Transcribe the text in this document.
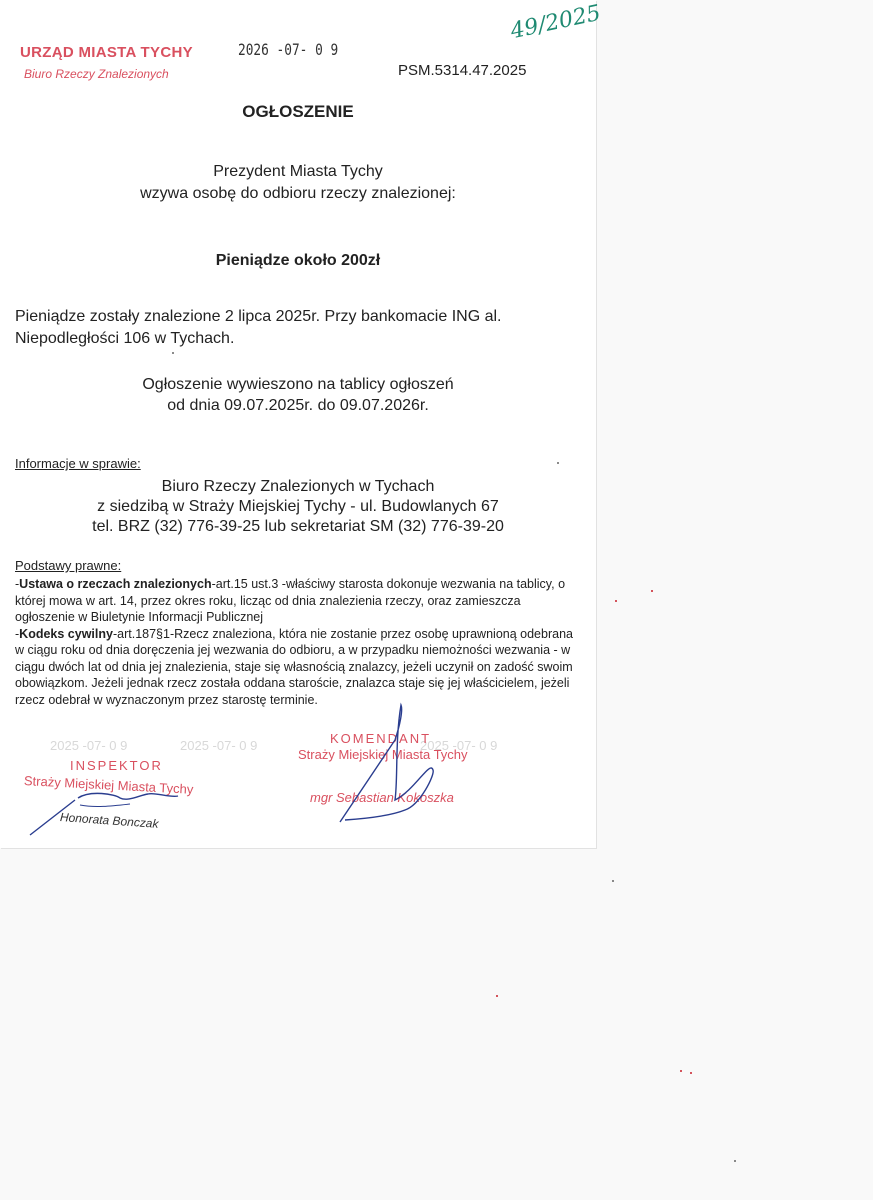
URZĄD MIASTA TYCHY
Biuro Rzeczy Znalezionych
2026 -07- 0 9
PSM.5314.47.2025
49/2025
OGŁOSZENIE
Prezydent Miasta Tychy
wzywa osobę do odbioru rzeczy znalezionej:
Pieniądze około 200zł
Pieniądze zostały znalezione 2 lipca 2025r. Przy bankomacie ING al.
Niepodległości 106 w Tychach.
Ogłoszenie wywieszono na tablicy ogłoszeń
od dnia 09.07.2025r. do 09.07.2026r.
Informacje w sprawie:
Biuro Rzeczy Znalezionych w Tychach
z siedzibą w Straży Miejskiej Tychy - ul. Budowlanych 67
tel. BRZ (32) 776-39-25 lub sekretariat SM (32) 776-39-20
Podstawy prawne:

-Ustawa o rzeczach znalezionych-art.15 ust.3 -właściwy starosta dokonuje wezwania na tablicy, o której mowa w art. 14, przez okres roku, licząc od dnia znalezienia rzeczy, oraz zamieszcza ogłoszenie w Biuletynie Informacji Publicznej

-Kodeks cywilny-art.187§1-Rzecz znaleziona, która nie zostanie przez osobę uprawnioną odebrana w ciągu roku od dnia doręczenia jej wezwania do odbioru, a w przypadku niemożności wezwania - w ciągu dwóch lat od dnia jej znalezienia, staje się własnością znalazcy, jeżeli uczynił on zadość swoim obowiązkom. Jeżeli jednak rzecz została oddana staroście, znalazca staje się jej właścicielem, jeżeli rzecz odebrał w wyznaczonym przez starostę terminie.

2025 -07- 0 9	2025 -07- 0 9	2025 -07- 0 9
INSPEKTOR
Straży Miejskiej Miasta Tychy
Honorata Bonczak
KOMENDANT
Straży Miejskiej Miasta Tychy
mgr Sebastian Kokoszka
